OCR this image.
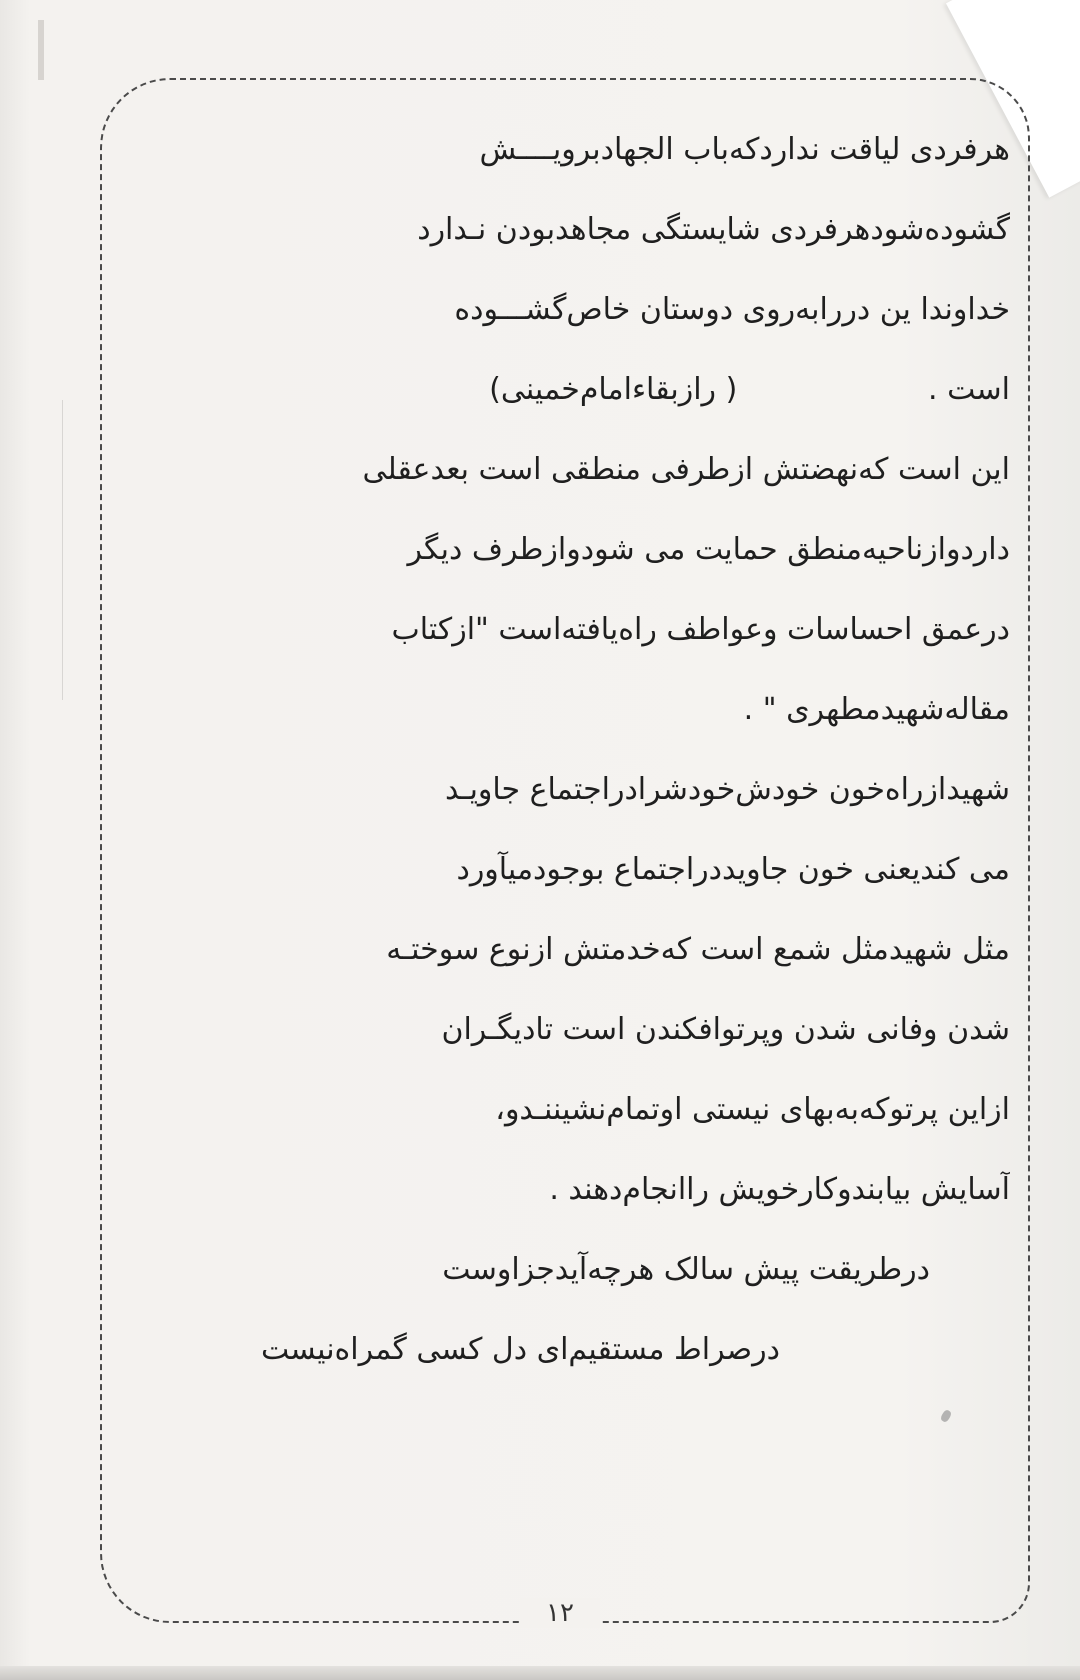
هرفردی لیاقت نداردکه‌باب الجهادبرویــــش
گشوده‌شودهرفردی شایستگی مجاهدبودن نـدارد
خداوندا ین دررابه‌روی دوستان خاص‌گشـــوده
است .                    ( رازبقاءامام‌خمینی)
این است که‌نهضتش ازطرفی منطقی است بعدعقلی
داردوازناحیه‌منطق حمایت می شودوازطرف دیگر
درعمق احساسات وعواطف راه‌یافته‌است "ازکتاب
مقاله‌شهیدمطهری " .
شهیدازراه‌خون خودش‌خودشرادراجتماع جاویـد
می کندیعنی خون جاویددراجتماع بوجودمیآورد
مثل شهیدمثل شمع است که‌خدمتش ازنوع سوختـه
شدن وفانی شدن وپرتوافکندن است تادیگـران
ازاین پرتوکه‌به‌بهای نیستی اوتمام‌نشیننـدو،
آسایش بیابندوکارخویش راانجام‌دهند .
درطریقت پیش سالک هرچه‌آیدجزاوست
درصراط مستقیم‌ای دل کسی گمراه‌نیست
۱۲
